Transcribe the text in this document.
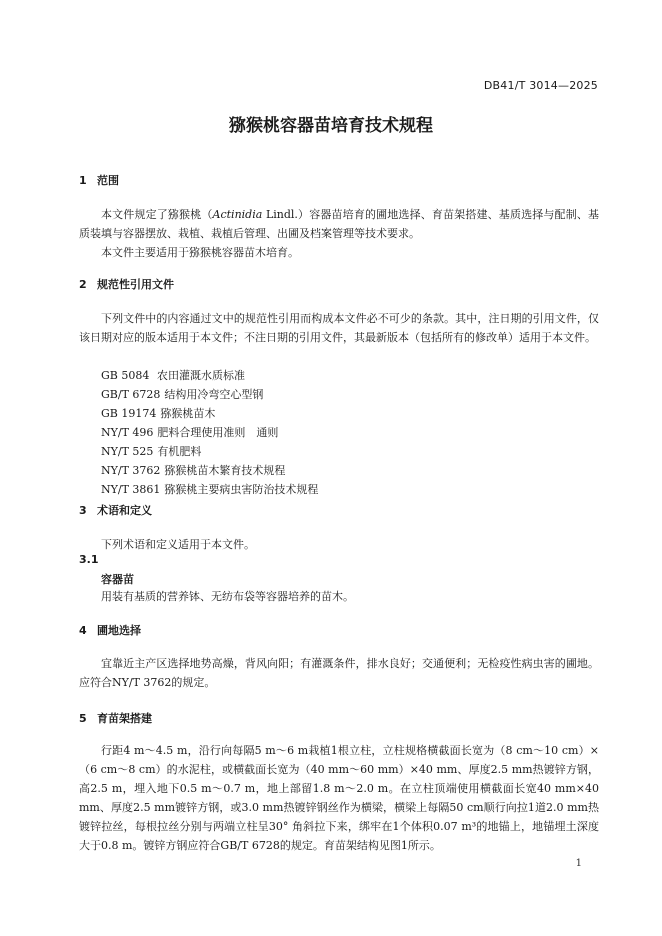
DB41/T 3014—2025
猕猴桃容器苗培育技术规程
1 范围

本文件规定了猕猴桃（Actinidia Lindl.）容器苗培育的圃地选择、育苗架搭建、基质选择与配制、基质装填与容器摆放、栽植、栽植后管理、出圃及档案管理等技术要求。

本文件主要适用于猕猴桃容器苗木培育。

2 规范性引用文件

下列文件中的内容通过文中的规范性引用而构成本文件必不可少的条款。其中，注日期的引用文件，仅该日期对应的版本适用于本文件；不注日期的引用文件，其最新版本（包括所有的修改单）适用于本文件。

GB 5084 农田灌溉水质标准
GB/T 6728 结构用冷弯空心型钢
GB 19174 猕猴桃苗木
NY/T 496 肥料合理使用准则　通则
NY/T 525 有机肥料
NY/T 3762 猕猴桃苗木繁育技术规程
NY/T 3861 猕猴桃主要病虫害防治技术规程
3 术语和定义

下列术语和定义适用于本文件。

3.1
容器苗

用装有基质的营养钵、无纺布袋等容器培养的苗木。

4 圃地选择

宜靠近主产区选择地势高燥，背风向阳；有灌溉条件，排水良好；交通便利；无检疫性病虫害的圃地。应符合NY/T 3762的规定。

5 育苗架搭建

行距4 m～4.5 m，沿行向每隔5 m～6 m栽植1根立柱，立柱规格横截面长宽为（8 cm～10 cm）×（6 cm～8 cm）的水泥柱，或横截面长宽为（40 mm～60 mm）×40 mm、厚度2.5 mm热镀锌方钢，高2.5 m，埋入地下0.5 m～0.7 m，地上部留1.8 m～2.0 m。在立柱顶端使用横截面长宽40 mm×40 mm、厚度2.5 mm镀锌方钢，或3.0 mm热镀锌钢丝作为横梁，横梁上每隔50 cm顺行向拉1道2.0 mm热镀锌拉丝，每根拉丝分别与两端立柱呈30° 角斜拉下来，绑牢在1个体积0.07 m³的地锚上，地锚埋土深度大于0.8 m。镀锌方钢应符合GB/T 6728的规定。育苗架结构见图1所示。

1
